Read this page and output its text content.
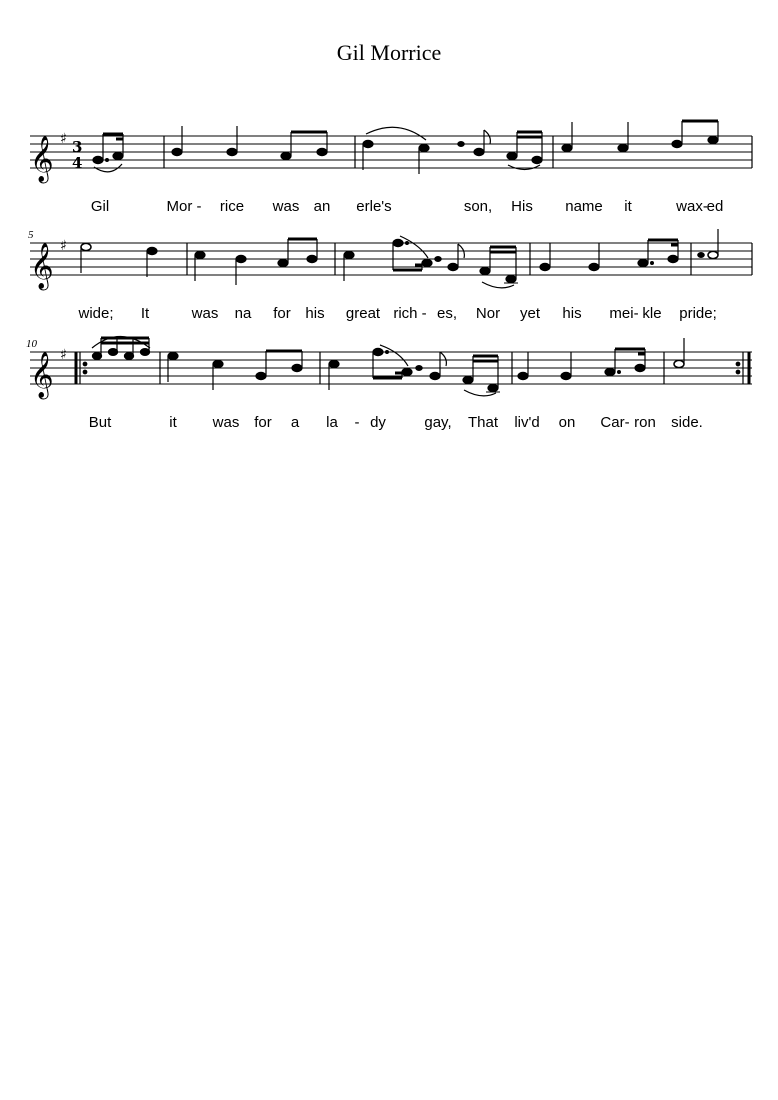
Gil Morrice
𝄞 ♯ 3
4
Gil	Mor - rice was an erle's	son, His name it	wax-
ed
5
𝄞 ♯
wide; It	was na for his great rich - es, Nor yet his mei- kle pride;
10
𝄞 ♯
But	it was for a la - dy	gay, That liv'd on Car- ron side.
